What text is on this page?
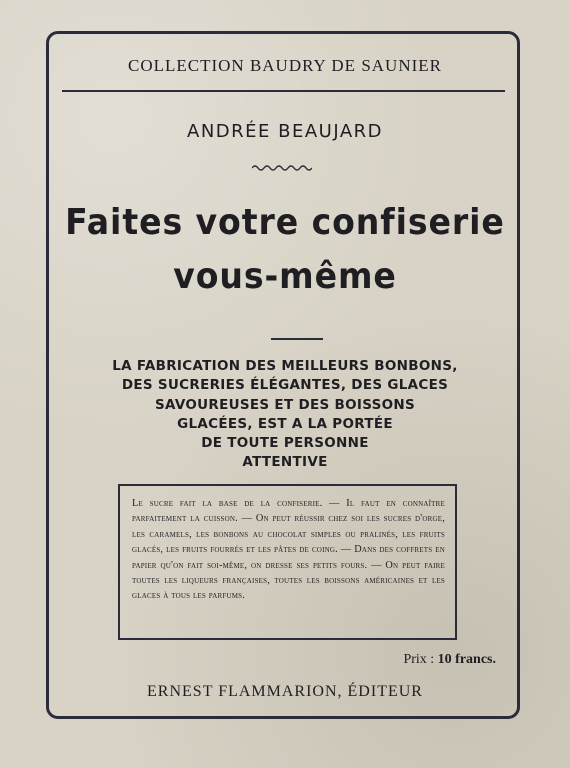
COLLECTION BAUDRY DE SAUNIER
ANDRÉE BEAUJARD
Faites votre confiserie
vous-même
LA FABRICATION DES MEILLEURS BONBONS,
DES SUCRERIES ÉLÉGANTES, DES GLACES
SAVOUREUSES ET DES BOISSONS
GLACÉES, EST A LA PORTÉE
DE TOUTE PERSONNE
ATTENTIVE

Le sucre fait la base de la confiserie. — Il faut en connaître parfaitement la cuisson. — On peut réussir chez soi les sucres d'orge, les caramels, les bonbons au chocolat simples ou pralinés, les fruits glacés, les fruits fourrés et les pâtes de coing. — Dans des coffrets en papier qu'on fait soi-même, on dresse ses petits fours. — On peut faire toutes les liqueurs françaises, toutes les boissons américaines et les glaces à tous les parfums.

Prix : 10 francs.
ERNEST FLAMMARION, ÉDITEUR
